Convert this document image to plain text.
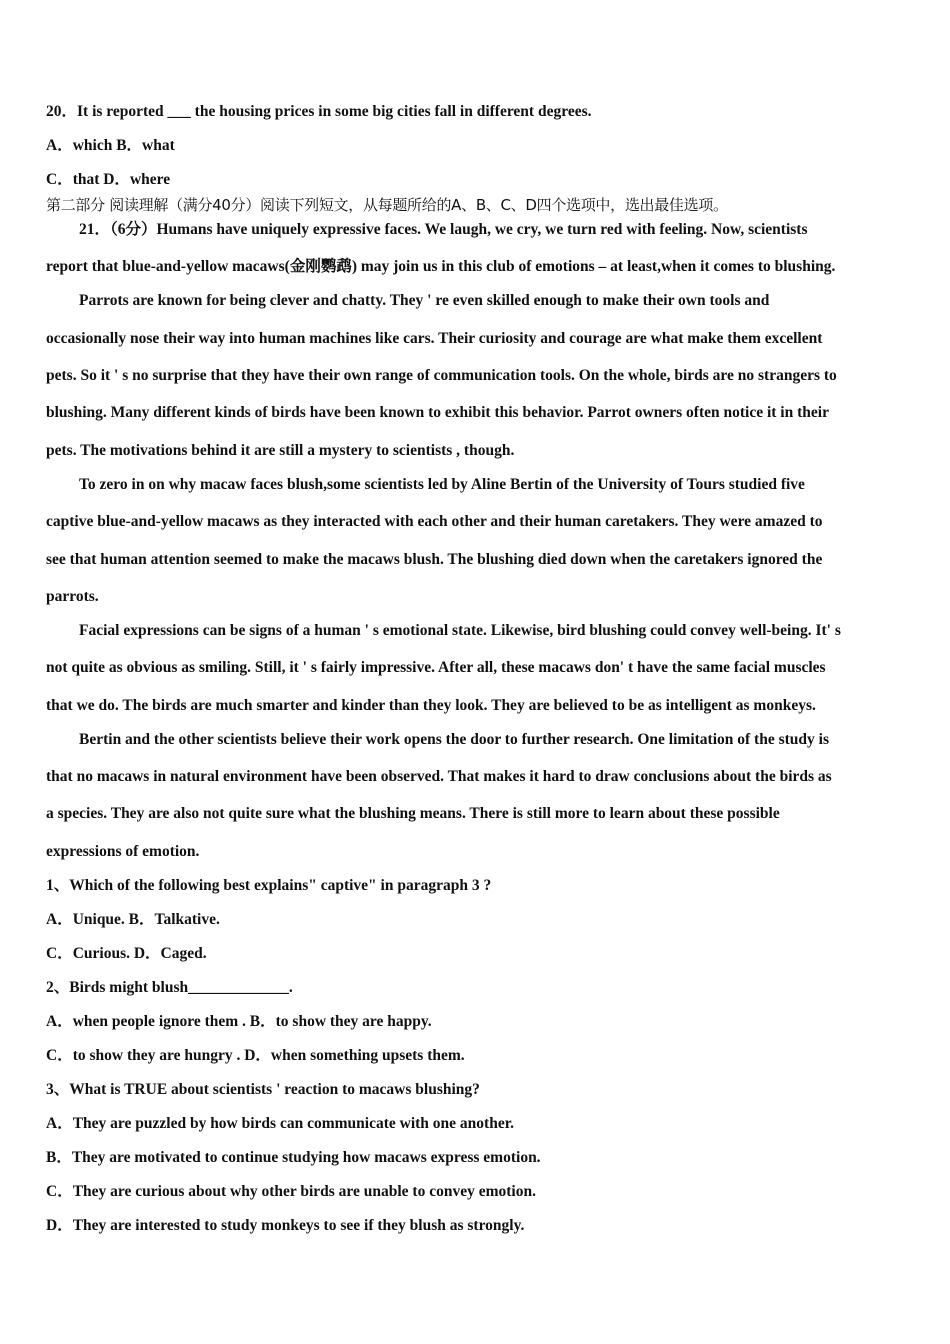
20．It is reported ___ the housing prices in some big cities fall in different degrees.
A．which B．what
C．that D．where
第二部分 阅读理解（满分40分）阅读下列短文，从每题所给的A、B、C、D四个选项中，选出最佳选项。
21．（6分）Humans have uniquely expressive faces. We laugh, we cry, we turn red with feeling. Now, scientists
report that blue-and-yellow macaws(金刚鹦鹉) may join us in this club of emotions – at least,when it comes to blushing.
Parrots are known for being clever and chatty. They ' re even skilled enough to make their own tools and
occasionally nose their way into human machines like cars. Their curiosity and courage are what make them excellent
pets. So it ' s no surprise that they have their own range of communication tools. On the whole, birds are no strangers to
blushing. Many different kinds of birds have been known to exhibit this behavior. Parrot owners often notice it in their
pets. The motivations behind it are still a mystery to scientists , though.
To zero in on why macaw faces blush,some scientists led by Aline Bertin of the University of Tours studied five
captive blue-and-yellow macaws as they interacted with each other and their human caretakers. They were amazed to
see that human attention seemed to make the macaws blush. The blushing died down when the caretakers ignored the
parrots.
Facial expressions can be signs of a human ' s emotional state. Likewise, bird blushing could convey well-being. It' s
not quite as obvious as smiling. Still, it ' s fairly impressive. After all, these macaws don' t have the same facial muscles
that we do. The birds are much smarter and kinder than they look. They are believed to be as intelligent as monkeys.
Bertin and the other scientists believe their work opens the door to further research. One limitation of the study is
that no macaws in natural environment have been observed. That makes it hard to draw conclusions about the birds as
a species. They are also not quite sure what the blushing means. There is still more to learn about these possible
expressions of emotion.
1、Which of the following best explains" captive" in paragraph 3 ?
A．Unique. B．Talkative.
C．Curious. D．Caged.
2、Birds might blush_____________.
A．when people ignore them . B．to show they are happy.
C．to show they are hungry . D．when something upsets them.
3、What is TRUE about scientists ' reaction to macaws blushing?
A．They are puzzled by how birds can communicate with one another.
B．They are motivated to continue studying how macaws express emotion.
C．They are curious about why other birds are unable to convey emotion.
D．They are interested to study monkeys to see if they blush as strongly.
